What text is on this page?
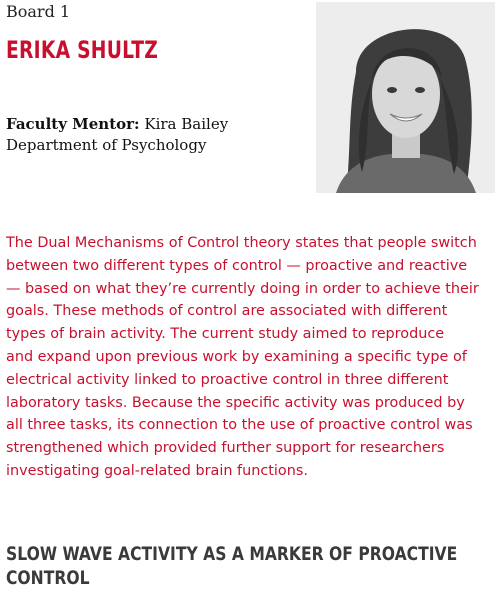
Board 1
ERIKA SHULTZ
Faculty Mentor: Kira Bailey
Department of Psychology

The Dual Mechanisms of Control theory states that people switch
between two different types of control — proactive and reactive
— based on what they’re currently doing in order to achieve their
goals. These methods of control are associated with different
types of brain activity. The current study aimed to reproduce
and expand upon previous work by examining a specific type of
electrical activity linked to proactive control in three different
laboratory tasks. Because the specific activity was produced by
all three tasks, its connection to the use of proactive control was
strengthened which provided further support for researchers
investigating goal-related brain functions.

SLOW WAVE ACTIVITY AS A MARKER OF PROACTIVE
CONTROL
